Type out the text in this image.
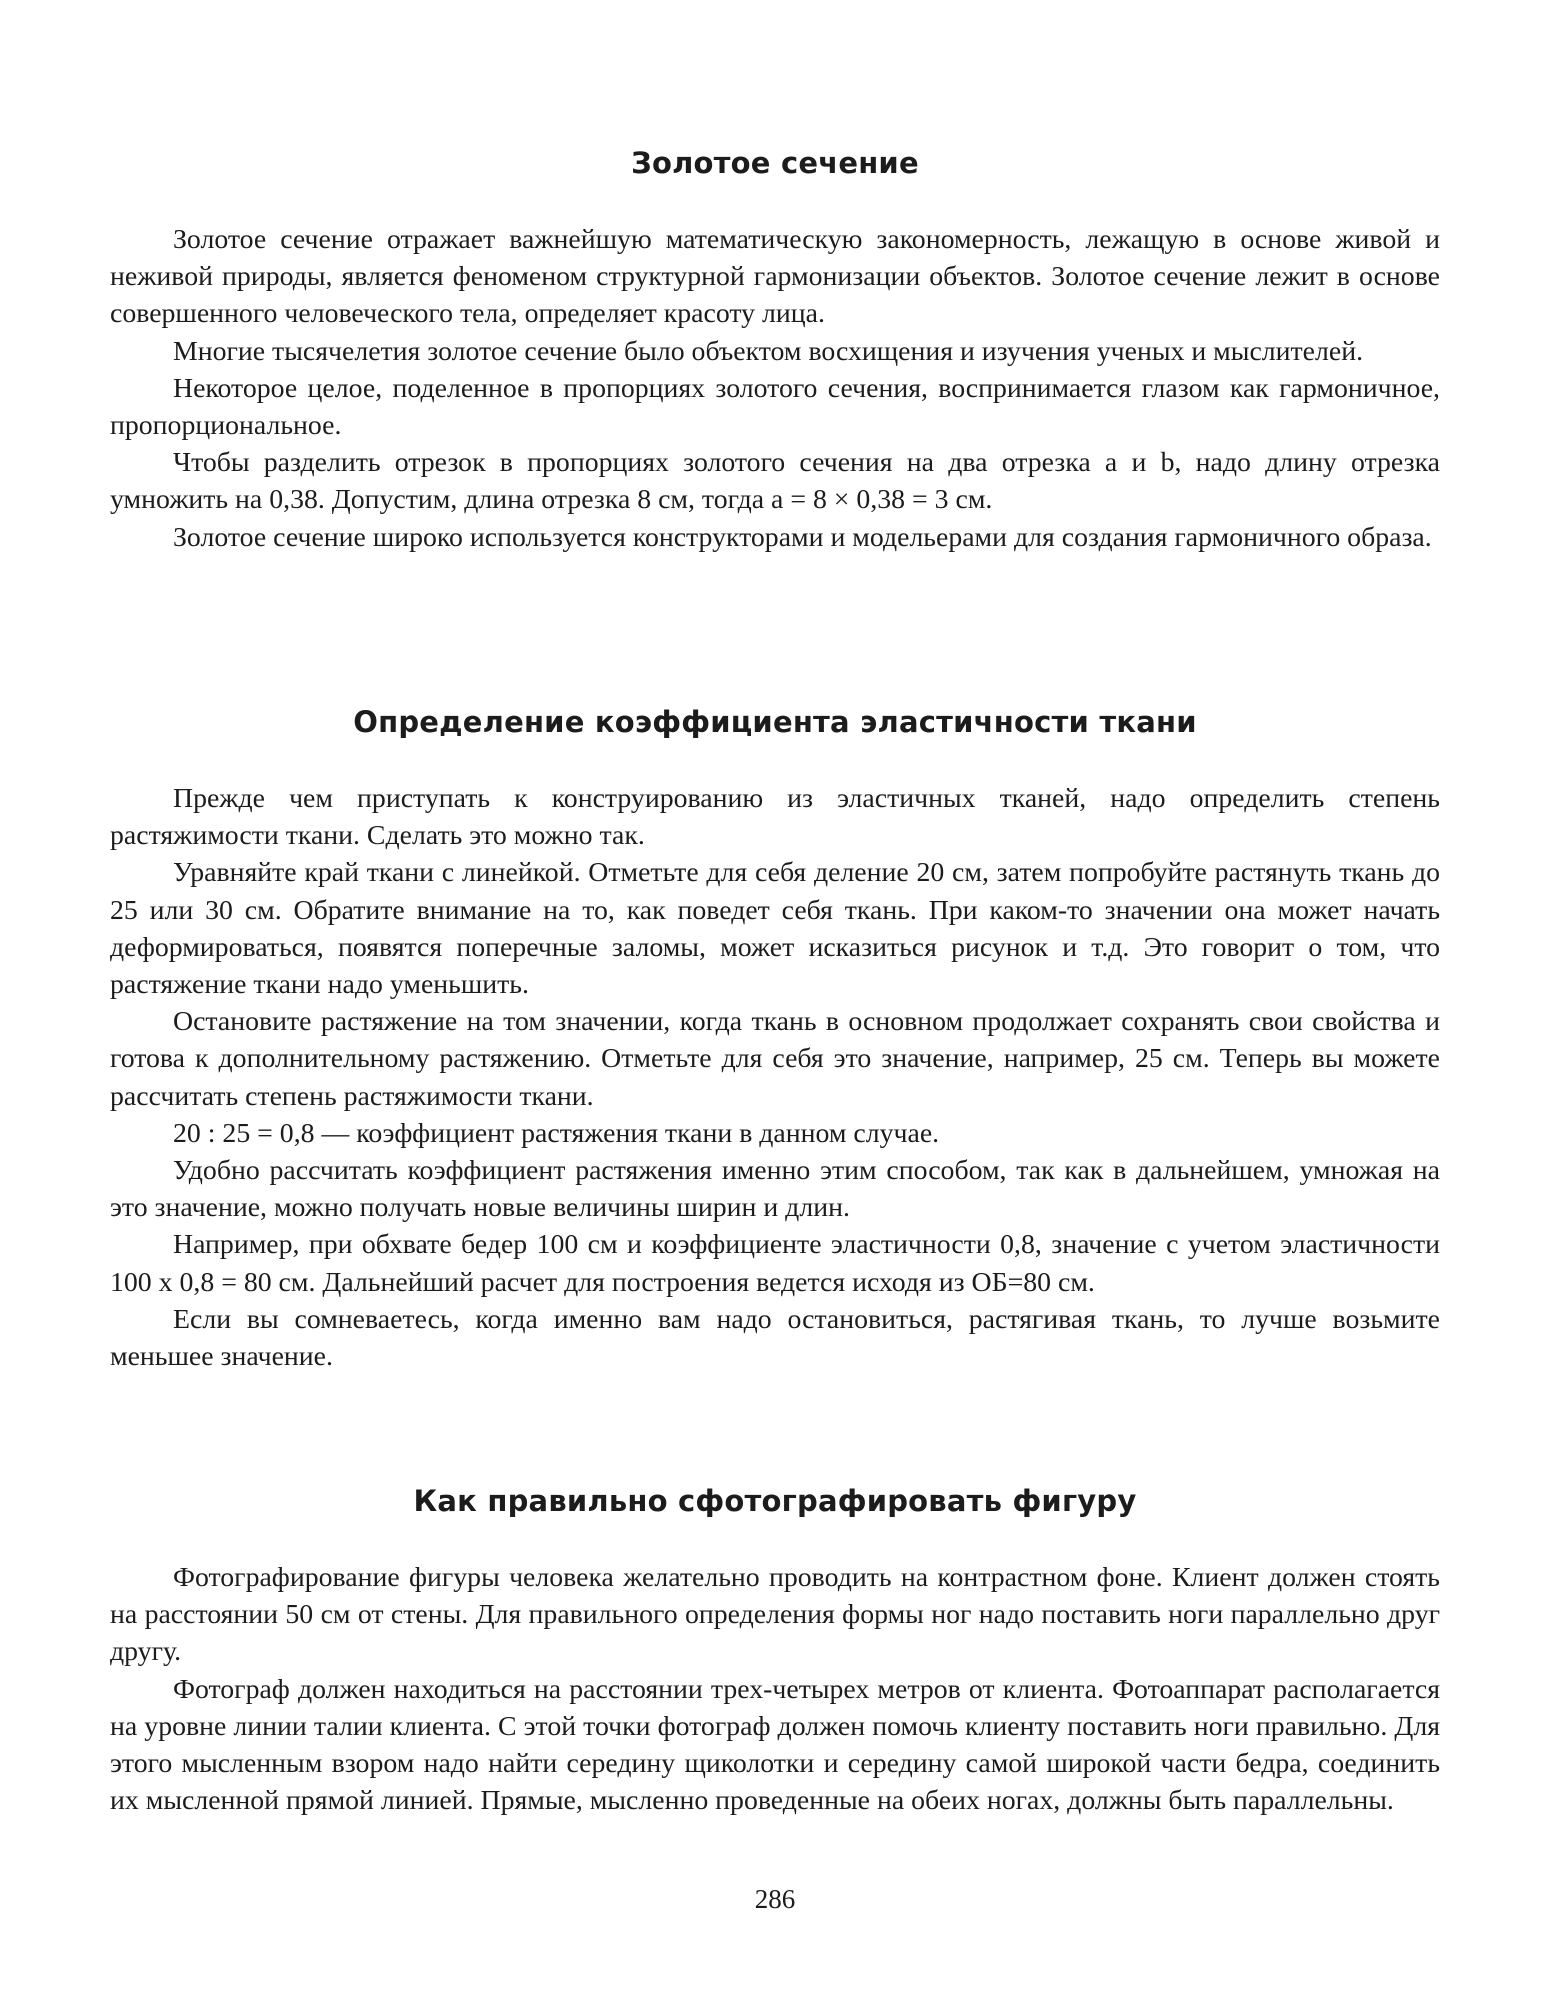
Золотое сечение

Золотое сечение отражает важнейшую математическую закономерность, лежащую в основе живой и неживой природы, является феноменом структурной гармонизации объектов. Золотое сечение лежит в основе совершенного человеческого тела, определяет красоту лица.

Многие тысячелетия золотое сечение было объектом восхищения и изучения ученых и мыслителей.

Некоторое целое, поделенное в пропорциях золотого сечения, воспринимается глазом как гармоничное, пропорциональное.

Чтобы разделить отрезок в пропорциях золотого сечения на два отрезка a и b, надо длину отрезка умножить на 0,38. Допустим, длина отрезка 8 см, тогда a = 8 × 0,38 = 3 см.

Золотое сечение широко используется конструкторами и модельерами для создания гармоничного образа.

Определение коэффициента эластичности ткани

Прежде чем приступать к конструированию из эластичных тканей, надо определить степень растяжимости ткани. Сделать это можно так.

Уравняйте край ткани с линейкой. Отметьте для себя деление 20 см, затем попробуйте растянуть ткань до 25 или 30 см. Обратите внимание на то, как поведет себя ткань. При каком-то значении она может начать деформироваться, появятся поперечные заломы, может исказиться рисунок и т.д. Это говорит о том, что растяжение ткани надо уменьшить.

Остановите растяжение на том значении, когда ткань в основном продолжает сохранять свои свойства и готова к дополнительному растяжению. Отметьте для себя это значение, например, 25 см. Теперь вы можете рассчитать степень растяжимости ткани.

20 : 25 = 0,8 — коэффициент растяжения ткани в данном случае.

Удобно рассчитать коэффициент растяжения именно этим способом, так как в дальнейшем, умножая на это значение, можно получать новые величины ширин и длин.

Например, при обхвате бедер 100 см и коэффициенте эластичности 0,8, значение с учетом эластичности 100 х 0,8 = 80 см. Дальнейший расчет для построения ведется исходя из ОБ=80 см.

Если вы сомневаетесь, когда именно вам надо остановиться, растягивая ткань, то лучше возьмите меньшее значение.

Как правильно сфотографировать фигуру

Фотографирование фигуры человека желательно проводить на контрастном фоне. Клиент должен стоять на расстоянии 50 см от стены. Для правильного определения формы ног надо поставить ноги параллельно друг другу.

Фотограф должен находиться на расстоянии трех-четырех метров от клиента. Фотоаппарат располагается на уровне линии талии клиента. С этой точки фотограф должен помочь клиенту поставить ноги правильно. Для этого мысленным взором надо найти середину щиколотки и середину самой широкой части бедра, соединить их мысленной прямой линией. Прямые, мысленно проведенные на обеих ногах, должны быть параллельны.

286
